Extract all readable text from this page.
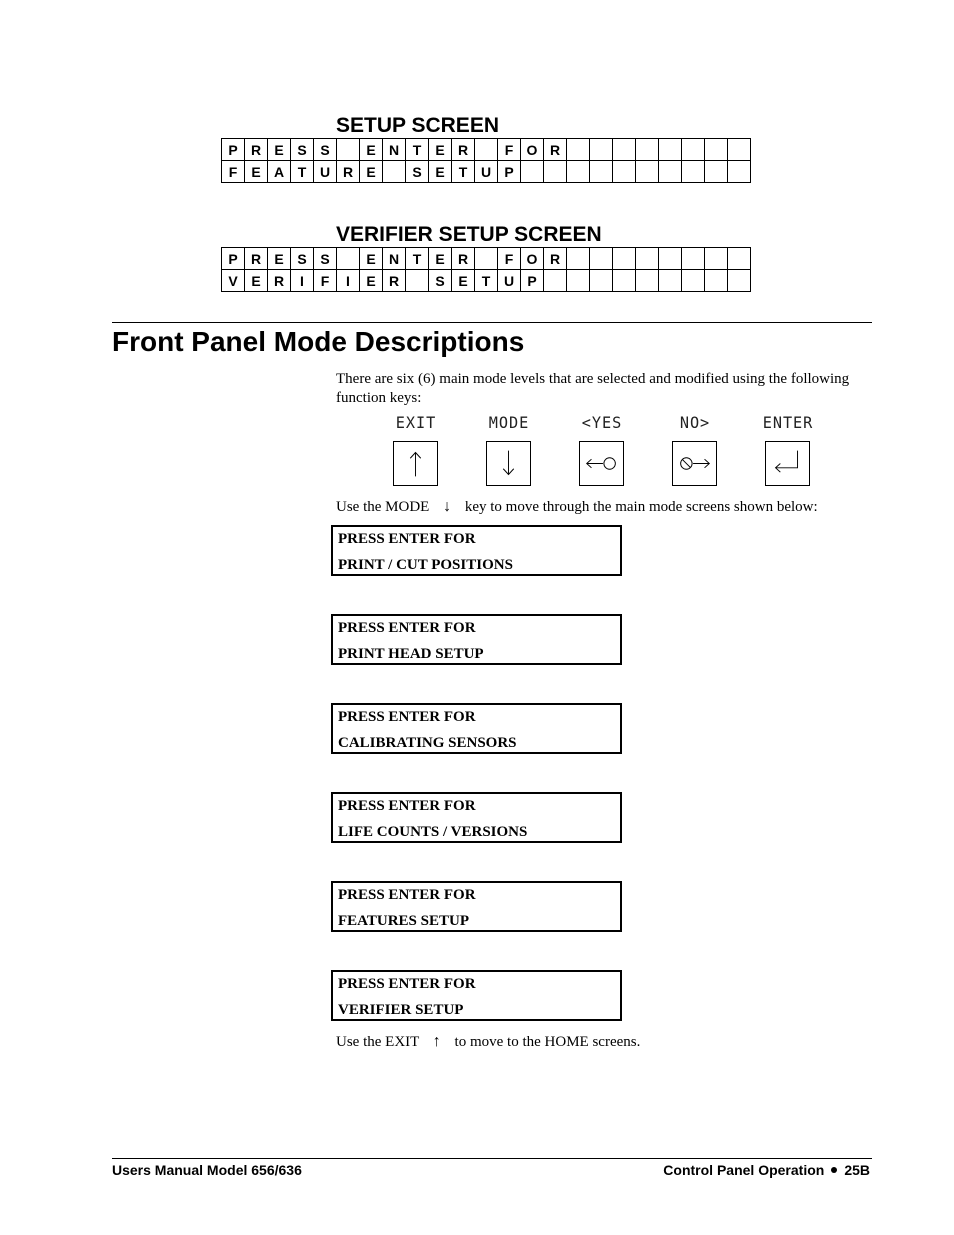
SETUP SCREEN
P	R	E	S	S		E	N	T	E	R		F	O	R								
F	E	A	T	U	R	E		S	E	T	U	P										
VERIFIER SETUP SCREEN
P	R	E	S	S		E	N	T	E	R		F	O	R								
V	E	R	I	F	I	E	R		S	E	T	U	P									
Front Panel Mode Descriptions
There are six (6) main mode levels that are selected and modified using the following function keys:
EXIT	MODE	<YES	NO>	ENTER
Use the MODE ↓ key to move through the main mode screens shown below:
PRESS ENTER FOR
PRINT / CUT POSITIONS
PRESS ENTER FOR
PRINT HEAD SETUP
PRESS ENTER FOR
CALIBRATING SENSORS
PRESS ENTER FOR
LIFE COUNTS / VERSIONS
PRESS ENTER FOR
FEATURES SETUP
PRESS ENTER FOR
VERIFIER SETUP
Use the EXIT ↑ to move to the HOME screens.
Users Manual Model 656/636	Control Panel Operation 25B
